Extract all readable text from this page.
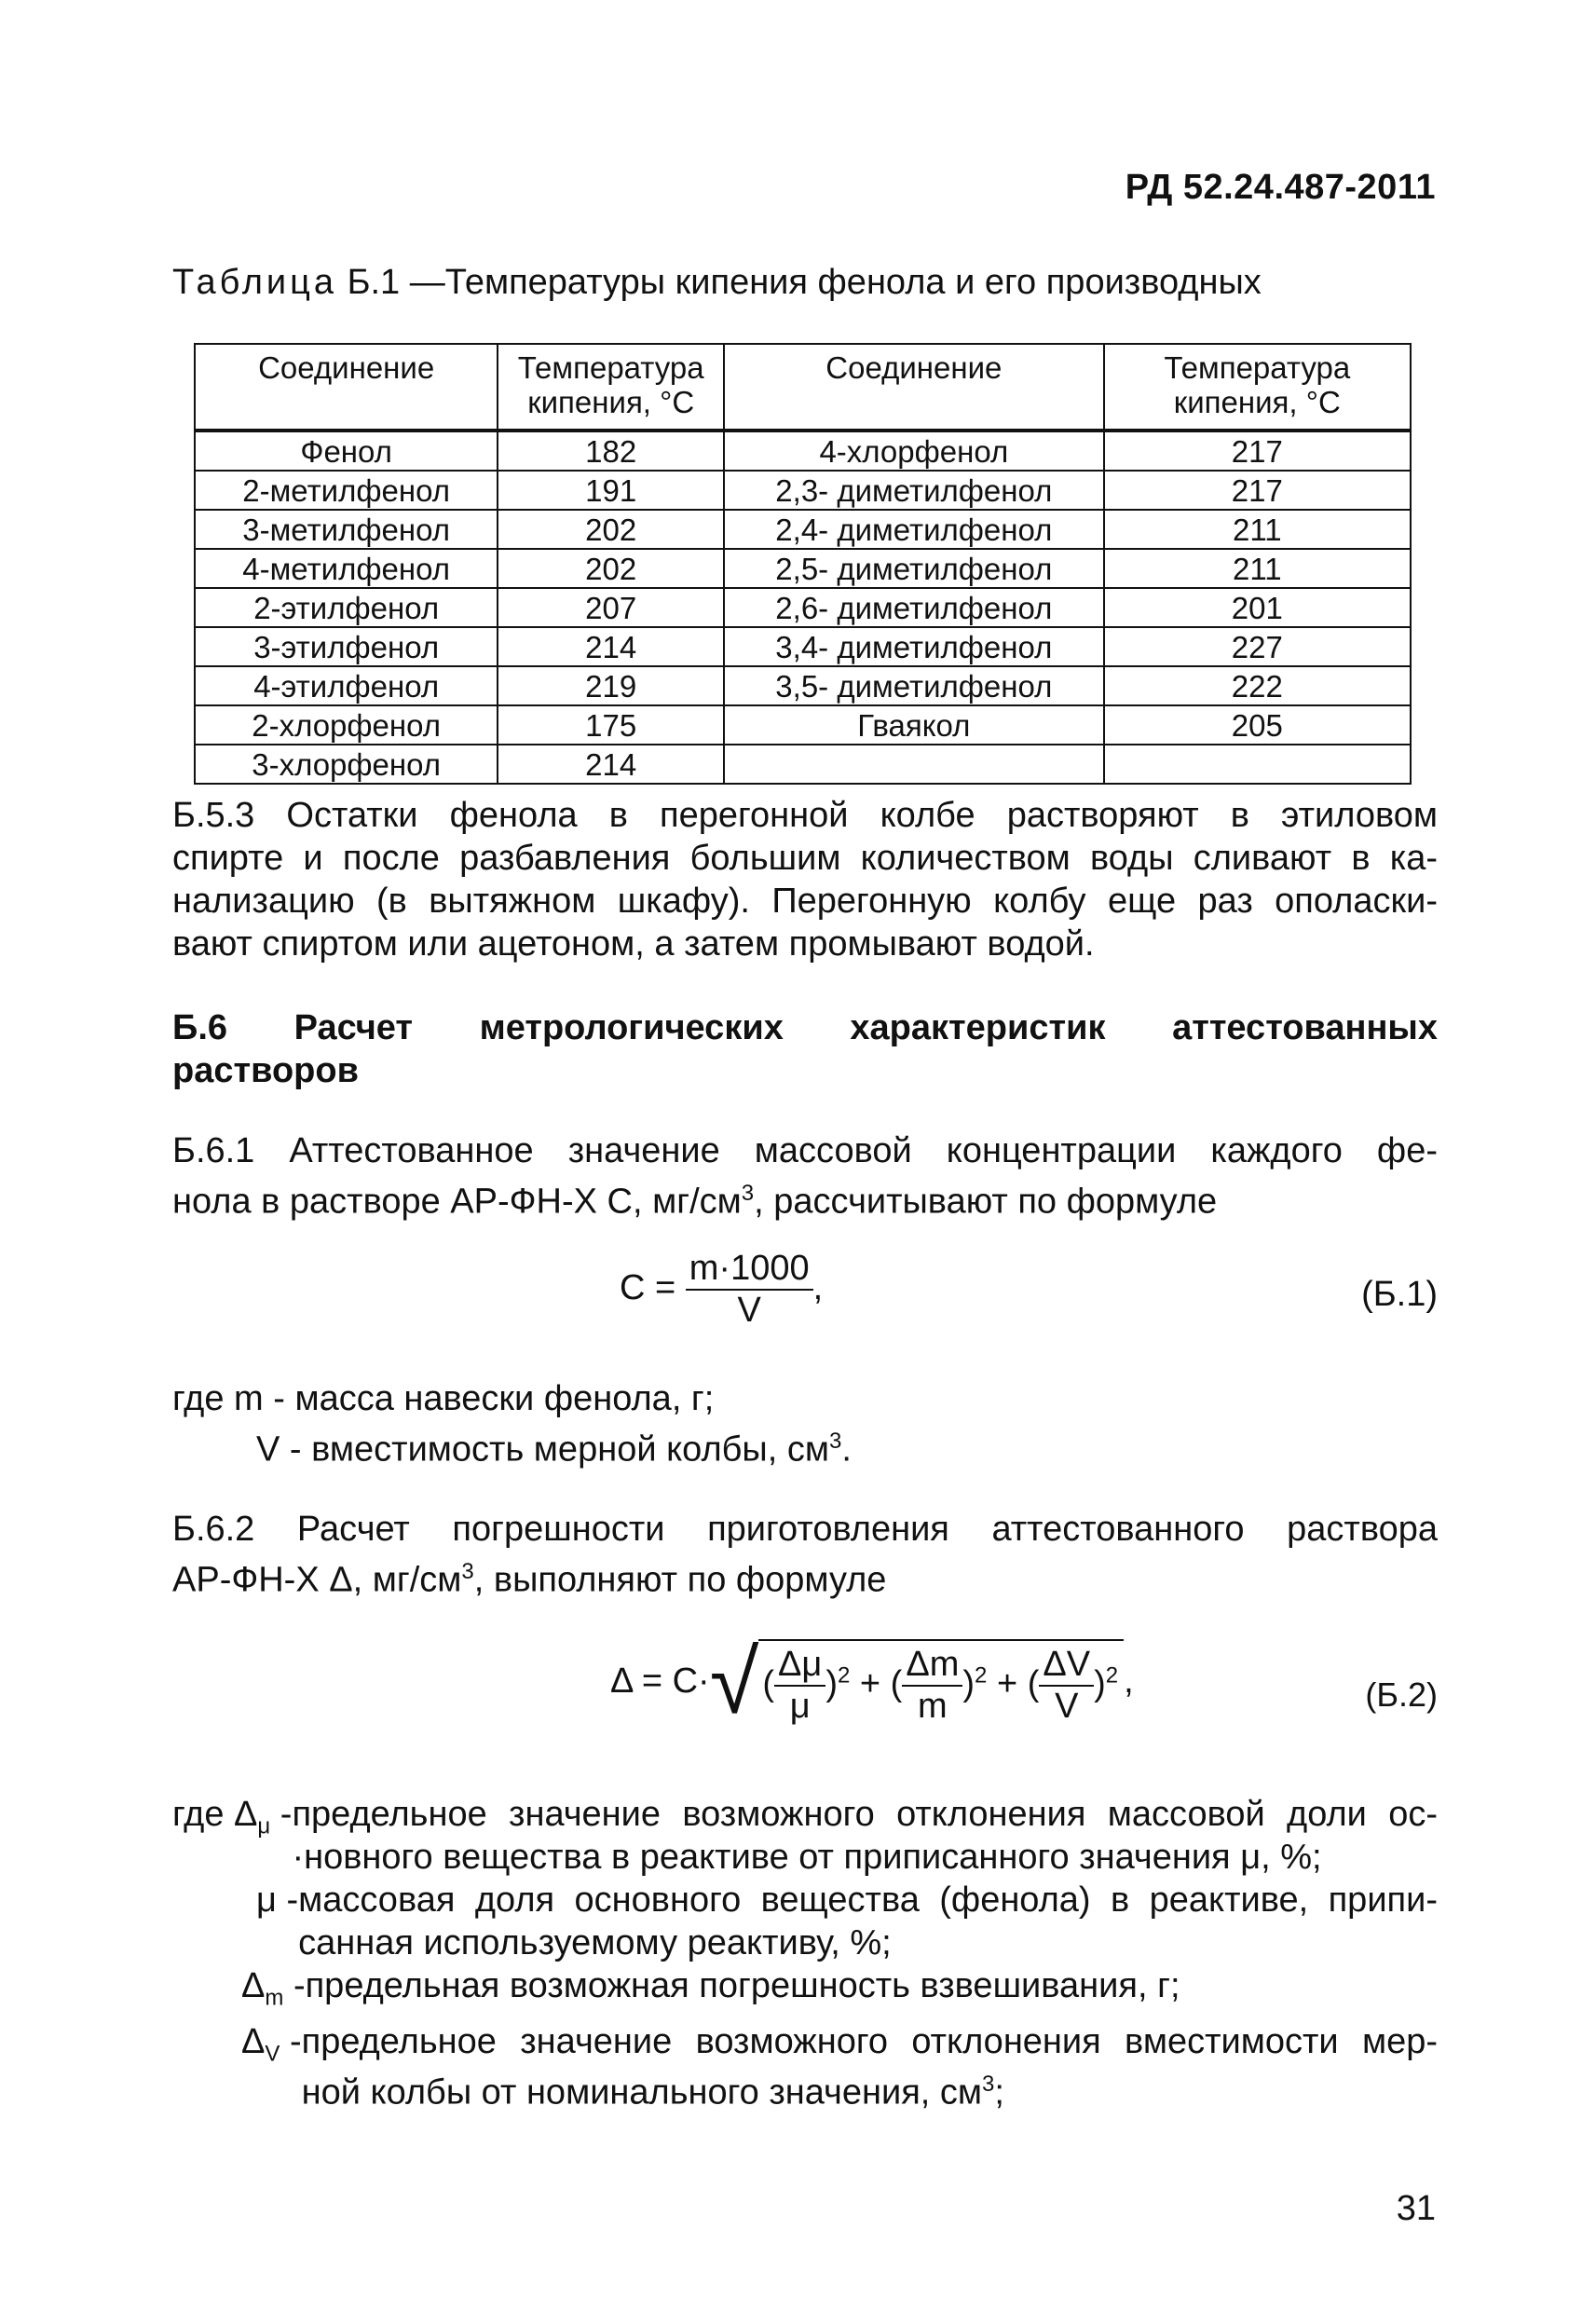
РД 52.24.487-2011
Таблица Б.1 —Температуры кипения фенола и его производных
Соединение	Температура кипения, °С	Соединение	Температура кипения, °С
Фенол	182	4-хлорфенол	217
2-метилфенол	191	2,3- диметилфенол	217
3-метилфенол	202	2,4- диметилфенол	211
4-метилфенол	202	2,5- диметилфенол	211
2-этилфенол	207	2,6- диметилфенол	201
3-этилфенол	214	3,4- диметилфенол	227
4-этилфенол	219	3,5- диметилфенол	222
2-хлорфенол	175	Гваякол	205
3-хлорфенол	214		
Б.5.3 Остатки фенола в перегонной колбе растворяют в этиловом
спирте и после разбавления большим количеством воды сливают в ка-
нализацию (в вытяжном шкафу). Перегонную колбу еще раз ополаски-
вают спиртом или ацетоном, а затем промывают водой.
Б.6 Расчет метрологических характеристик аттестованных
растворов
Б.6.1 Аттестованное значение массовой концентрации каждого фе-
нола в растворе АР-ФН-Х С, $мг/см^3$, рассчитывают по формуле
$С = \frac{m\cdot 1000}{V}$ ,	(Б.1)
где m - масса навески фенола, г;
V - вместимость мерной колбы, $см^3$.
Б.6.2 Расчет погрешности приготовления аттестованного раствора
АР-ФН-Х Δ, $мг/см^3$, выполняют по формуле
Δ = С·√ ( $\frac{\Delta\mu}{\mu} )^2$ + ( $\frac{\Delta m}{m} )^2$ + ( $\frac{\Delta V}{V} )^2$ ,	(Б.2)
где $\Delta_\mu$ - предельное значение возможного отклонения массовой доли ос-
·новного вещества в реактиве от приписанного значения μ, %;
μ - массовая доля основного вещества (фенола) в реактиве, припи-
санная используемому реактиву, %;
$\Delta_m$ - предельная возможная погрешность взвешивания, г;
$\Delta_V$ - предельное значение возможного отклонения вместимости мер-
ной колбы от номинального значения, $см^3$;
31
